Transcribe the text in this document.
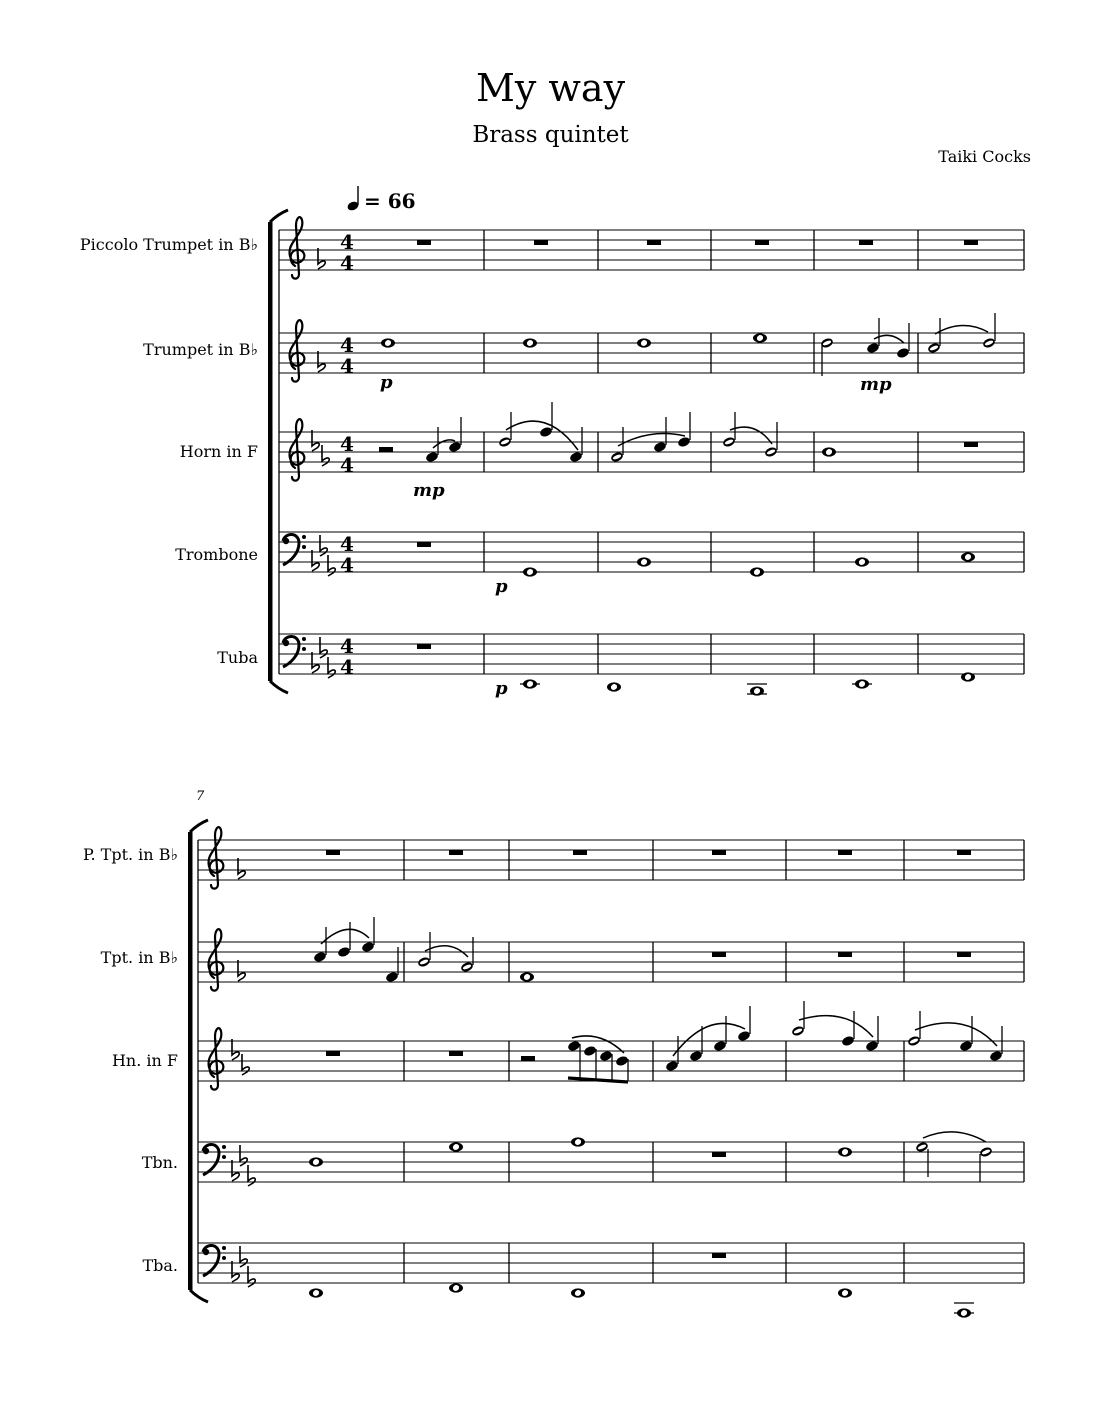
My way
Brass quintet
Taiki Cocks
= 66
Piccolo Trumpet in B♭
Trumpet in B♭
Horn in F
Trombone
Tuba
4
4
4
4
4
4
4
4
4
4
p	mp
mp
p
p
7
P. Tpt. in B♭
Tpt. in B♭
Hn. in F
Tbn.
Tba.
